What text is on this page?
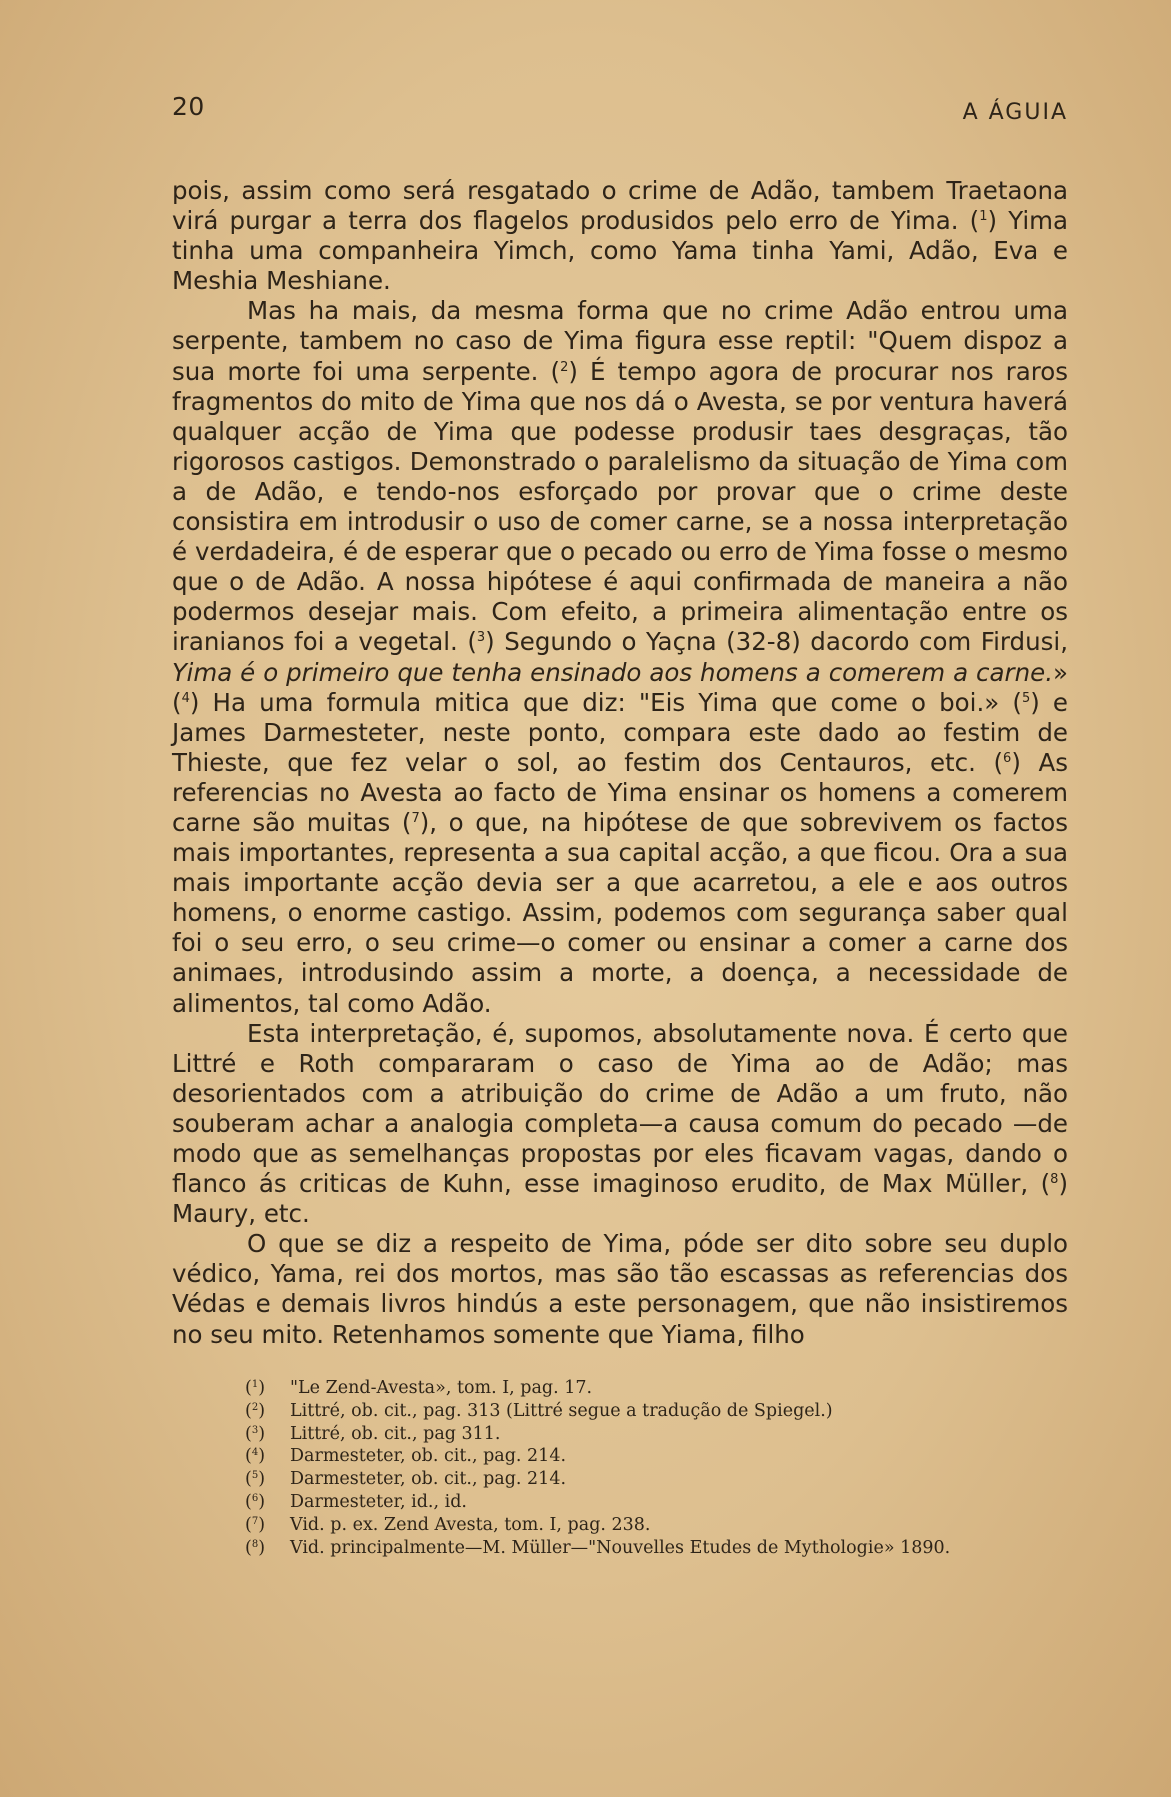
20	A ÁGUIA

pois, assim como será resgatado o crime de Adão, tambem Traetaona virá purgar a terra dos flagelos produsidos pelo erro de Yima. ($^1$) Yima tinha uma companheira Yimch, como Yama tinha Yami, Adão, Eva e Meshia Meshiane.

Mas ha mais, da mesma forma que no crime Adão entrou uma serpente, tambem no caso de Yima figura esse reptil: "Quem dispoz a sua morte foi uma serpente. ($^2$) É tempo agora de procurar nos raros fragmentos do mito de Yima que nos dá o Avesta, se por ventura haverá qualquer acção de Yima que podesse produsir taes desgraças, tão rigorosos castigos. Demonstrado o paralelismo da situação de Yima com a de Adão, e tendo-nos esforçado por provar que o crime deste consistira em introdusir o uso de comer carne, se a nossa interpretação é verdadeira, é de esperar que o pecado ou erro de Yima fosse o mesmo que o de Adão. A nossa hipótese é aqui confirmada de maneira a não podermos desejar mais. Com efeito, a primeira alimentação entre os iranianos foi a vegetal. ($^3$) Segundo o Yaçna (32-8) dacordo com Firdusi, Yima é o primeiro que tenha ensinado aos homens a comerem a carne.» ($^4$) Ha uma formula mitica que diz: "Eis Yima que come o boi.» ($^5$) e James Darmesteter, neste ponto, compara este dado ao festim de Thieste, que fez velar o sol, ao festim dos Centauros, etc. ($^6$) As referencias no Avesta ao facto de Yima ensinar os homens a comerem carne são muitas ($^7$), o que, na hipótese de que sobrevivem os factos mais importantes, representa a sua capital acção, a que ficou. Ora a sua mais importante acção devia ser a que acarretou, a ele e aos outros homens, o enorme castigo. Assim, podemos com segurança saber qual foi o seu erro, o seu crime—o comer ou ensinar a comer a carne dos animaes, introdusindo assim a morte, a doença, a necessidade de alimentos, tal como Adão.

Esta interpretação, é, supomos, absolutamente nova. É certo que Littré e Roth compararam o caso de Yima ao de Adão; mas desorientados com a atribuição do crime de Adão a um fruto, não souberam achar a analogia completa—a causa comum do pecado —de modo que as semelhanças propostas por eles ficavam vagas, dando o flanco ás criticas de Kuhn, esse imaginoso erudito, de Max Müller, ($^8$) Maury, etc.

O que se diz a respeito de Yima, póde ser dito sobre seu duplo védico, Yama, rei dos mortos, mas são tão escassas as referencias dos Védas e demais livros hindús a este personagem, que não insistiremos no seu mito. Retenhamos somente que Yiama, filho

($^1$)	"Le Zend-Avesta», tom. I, pag. 17.
($^2$)	Littré, ob. cit., pag. 313 (Littré segue a tradução de Spiegel.)
($^3$)	Littré, ob. cit., pag 311.
($^4$)	Darmesteter, ob. cit., pag. 214.
($^5$)	Darmesteter, ob. cit., pag. 214.
($^6$)	Darmesteter, id., id.
($^7$)	Vid. p. ex. Zend Avesta, tom. I, pag. 238.
($^8$)	Vid. principalmente—M. Müller—"Nouvelles Etudes de Mythologie» 1890.
